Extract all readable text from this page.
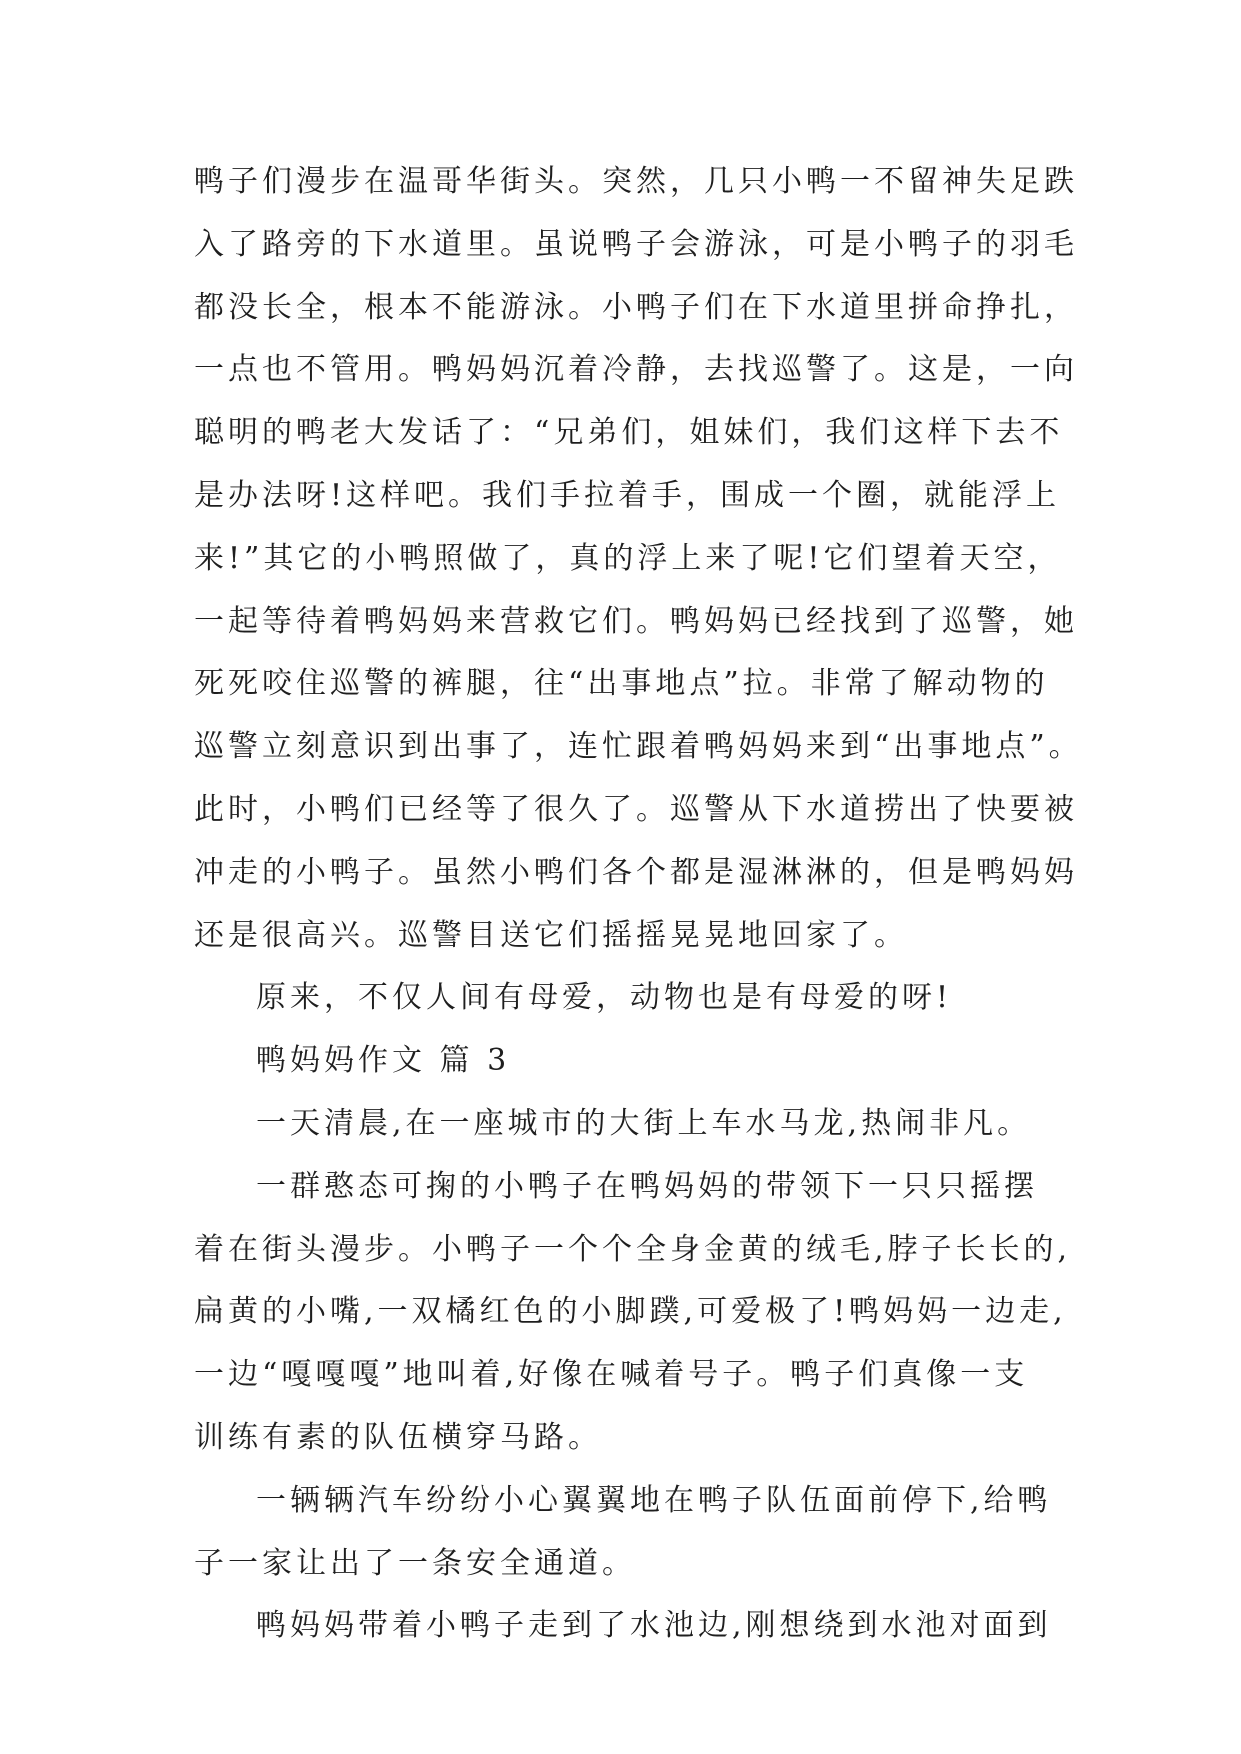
鸭子们漫步在温哥华街头。突然，几只小鸭一不留神失足跌
入了路旁的下水道里。虽说鸭子会游泳，可是小鸭子的羽毛
都没长全，根本不能游泳。小鸭子们在下水道里拼命挣扎，
一点也不管用。鸭妈妈沉着冷静，去找巡警了。这是，一向
聪明的鸭老大发话了：“兄弟们，姐妹们，我们这样下去不
是办法呀!这样吧。我们手拉着手，围成一个圈，就能浮上
来!”其它的小鸭照做了，真的浮上来了呢!它们望着天空，
一起等待着鸭妈妈来营救它们。鸭妈妈已经找到了巡警，她
死死咬住巡警的裤腿，往“出事地点”拉。非常了解动物的
巡警立刻意识到出事了，连忙跟着鸭妈妈来到“出事地点”。
此时，小鸭们已经等了很久了。巡警从下水道捞出了快要被
冲走的小鸭子。虽然小鸭们各个都是湿淋淋的，但是鸭妈妈
还是很高兴。巡警目送它们摇摇晃晃地回家了。
原来，不仅人间有母爱，动物也是有母爱的呀!
鸭妈妈作文 篇 3
一天清晨,在一座城市的大街上车水马龙,热闹非凡。
一群憨态可掬的小鸭子在鸭妈妈的带领下一只只摇摆
着在街头漫步。小鸭子一个个全身金黄的绒毛,脖子长长的,
扁黄的小嘴,一双橘红色的小脚蹼,可爱极了!鸭妈妈一边走,
一边“嘎嘎嘎”地叫着,好像在喊着号子。鸭子们真像一支
训练有素的队伍横穿马路。
一辆辆汽车纷纷小心翼翼地在鸭子队伍面前停下,给鸭
子一家让出了一条安全通道。
鸭妈妈带着小鸭子走到了水池边,刚想绕到水池对面到
